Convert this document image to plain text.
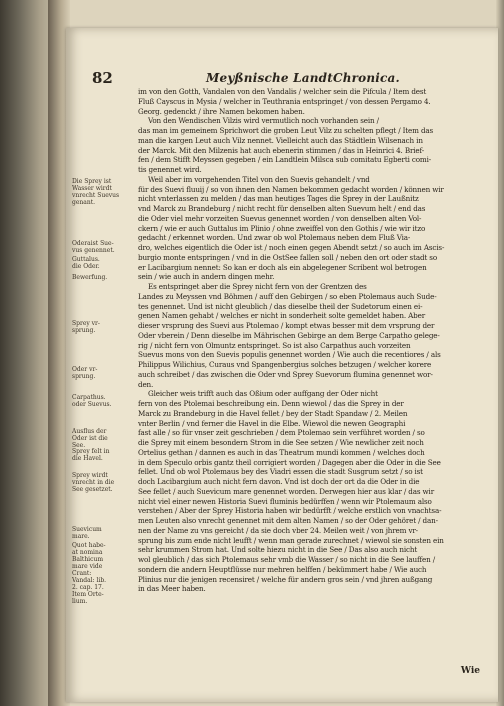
82	Meyßnische LandtChronica.
Die Sprey ist
Wasser wirdt
vnrecht Suevus
genant.
Oderaist Sue-
vus genennet.
Guttalus.
die Oder.
Bewerfung.
Sprey vr-
sprung.
Oder vr-
sprung.
Carpathus.
oder Suevus.
Ausflus der
Oder ist die
See.
Sprey felt in
die Havel.
Sprey wirdt
vnrecht in die
See gesetzet.
Suevicum
mare.
Quot habe-
at nomina
Balthicum
mare vide
Crant:
Vandal: lib.
2. cap. 17.
Item Orte-
lium.
im von den Gotth, Vandalen von den Vandalis / welcher sein die Pifcula / Item dest
Fluß Cayscus in Mysia / welcher in Teuthrania entspringet / von dessen Pergamo 4.
Georg. gedenckt / ihre Namen bekomen haben.
Von den Wendischen Vilzis wird vermutlich noch vorhanden sein /
das man im gemeinem Sprichwort die groben Leut Vilz zu schelten pflegt / Item das
man die kargen Leut auch Vilz nennet. Vielleicht auch das Städtlein Wilsenach in
der Marck. Mit den Milzenis hat auch ebenerin stimmen / das in Heinrici 4. Brief-
fen / dem Stifft Meyssen gegeben / ein Landtlein Milsca sub comitatu Egberti comi-
tis genennet wird.
Weil aber im vorgehenden Titel von den Suevis gehandelt / vnd
für des Suevi fluuij / so von ihnen den Namen bekommen gedacht worden / können wir
nicht vnterlassen zu melden / das man heutiges Tages die Sprey in der Laußnitz
vnd Marck zu Brandeburg / nicht recht für denselben alten Suevum helt / end das
die Oder viel mehr vorzeiten Suevus genennet worden / von denselben alten Vol-
ckern / wie er auch Guttalus im Plinio / ohne zweiffel von den Gothis / wie wir itzo
gedacht / erkennet worden. Und zwar ob wol Ptolemaus neben dem Fluß Via-
dro, welches eigentlich die Oder ist / noch einen gegen Abendt setzt / so auch im Ascis-
burgio monte entspringen / vnd in die OstSee fallen soll / neben den ort oder stadt so
er Lacibargium nennet: So kan er doch als ein abgelegener Scribent wol betrogen
sein / wie auch in andern dingen mehr.
Es entspringet aber die Sprey nicht fern von der Grentzen des
Landes zu Meyssen vnd Böhmen / auff den Gebirgen / so eben Ptolemaus auch Sude-
tes genennet. Und ist nicht gleublich / das dieselbe theil der Sudetorum einen ei-
genen Namen gehabt / welches er nicht in sonderheit solte gemeldet haben. Aber
dieser vrsprung des Suevi aus Ptolemao / kompt etwas besser mit dem vrsprung der
Oder vberein / Denn dieselbe im Mährischen Gebirge an dem Berge Carpatho gelege-
rig / nicht fern von Olmuntz entspringet. So ist also Carpathus auch vorzeiten
Suevus mons von den Suevis populis genennet worden / Wie auch die recentiores / als
Philippus Wilichius, Curaus vnd Spangenbergius solches betzugen / welcher korere
auch schreibet / das zwischen die Oder vnd Sprey Suevorum flumina genennet wor-
den.
Gleicher weis trifft auch das Oßium oder auffgang der Oder nicht
fern von des Ptolemai beschreibung ein. Denn wiewol / das die Sprey in der
Marck zu Brandeburg in die Havel fellet / bey der Stadt Spandaw / 2. Meilen
vnter Berlin / vnd ferner die Havel in die Elbe. Wiewol die newen Geographi
fast alle / so für vnser zeit geschrieben / dem Ptolemao sein verführet worden / so
die Sprey mit einem besondern Strom in die See setzen / Wie newlicher zeit noch
Ortelius gethan / dannen es auch in das Theatrum mundi kommen / welches doch
in dem Speculo orbis gantz theil corrigiert worden / Dagegen aber die Oder in die See
fellet. Und ob wol Ptolemaus bey des Viadri essen die stadt Susgrum setzt / so ist
doch Lacibargium auch nicht fern davon. Vnd ist doch der ort da die Oder in die
See fellet / auch Suevicum mare genennet worden. Derwegen hier aus klar / das wir
nicht viel einer newen Historia Suevi fluminis bedürffen / wenn wir Ptolemaum also
verstehen / Aber der Sprey Historia haben wir bedürfft / welche erstlich von vnachtsa-
men Leuten also vnrecht genennet mit dem alten Namen / so der Oder gehöret / dan-
nen der Name zu vns gereicht / da sie doch vber 24. Meilen weit / von jhrem vr-
sprung bis zum ende nicht leufft / wenn man gerade zurechnet / wiewol sie sonsten ein
sehr krummen Strom hat. Und solte hiezu nicht in die See / Das also auch nicht
wol gleublich / das sich Ptolemaus sehr vmb die Wasser / so nicht in die See lauffen /
sondern die andern Heuptflüsse nur mehren helffen / bekümmert habe / Wie auch
Plinius nur die jenigen recensiret / welche für andern gros sein / vnd jhren außgang
in das Meer haben.
Wie
